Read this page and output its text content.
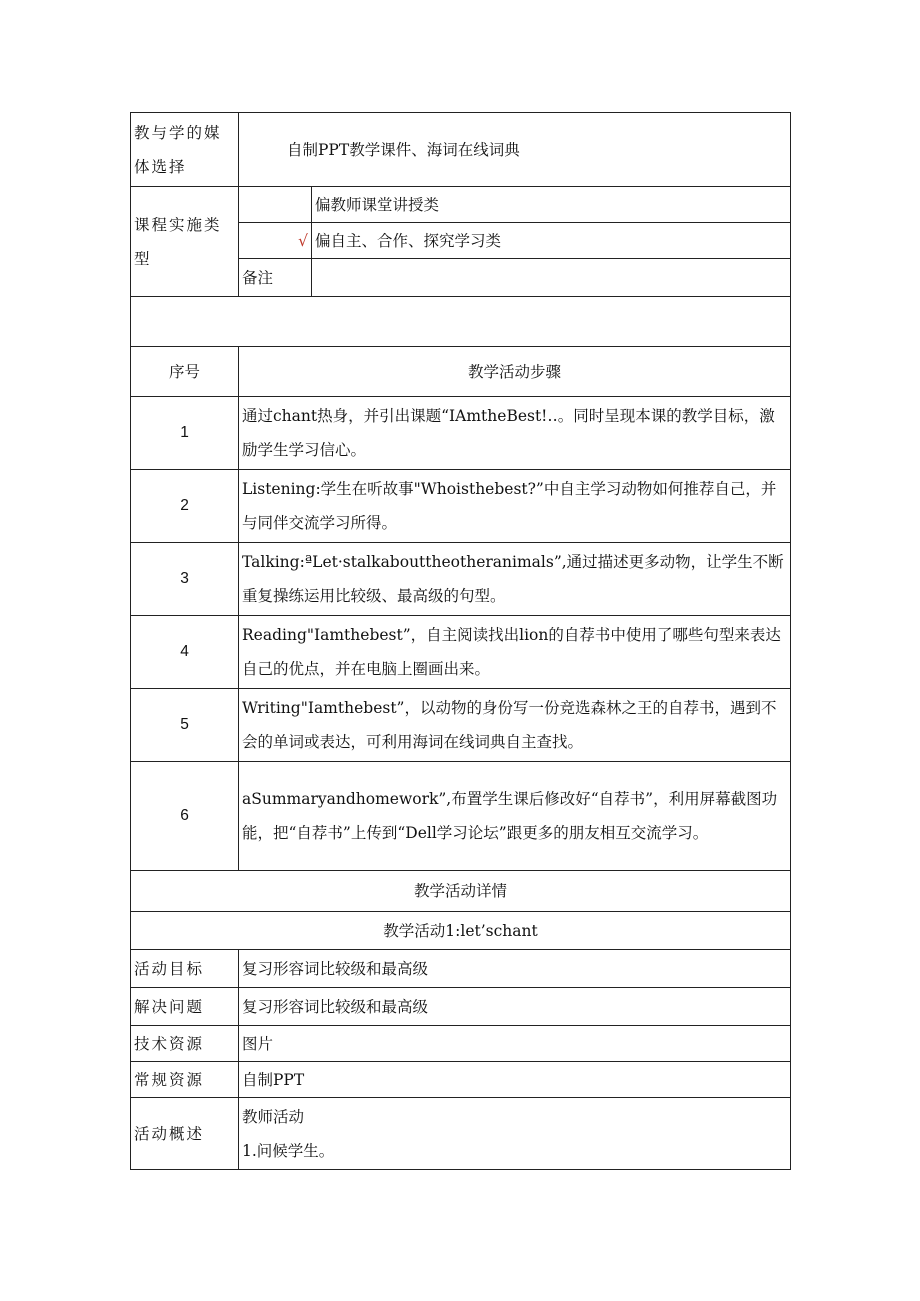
教与学的媒体选择	自制PPT教学课件、海词在线词典	
课程实施类型		偏教师课堂讲授类
	√	偏自主、合作、探究学习类
	备注	

序号	教学活动步骤	
1	通过chant热身，并引出课题“IAmtheBest!‥。同时呈现本课的教学目标，激励学生学习信心。	
2	Listening:学生在听故事"Whoisthebest?”中自主学习动物如何推荐自己，并与同伴交流学习所得。	
3	Talking:ªLet·stalkabouttheotheranimals”,通过描述更多动物，让学生不断重复操练运用比较级、最高级的句型。	
4	Reading"Iamthebest”，自主阅读找出lion的自荐书中使用了哪些句型来表达自己的优点，并在电脑上圈画出来。	
5	Writing"Iamthebest”，以动物的身份写一份竞选森林之王的自荐书，遇到不会的单词或表达，可利用海词在线词典自主查找。	
6	aSummaryandhomework”,布置学生课后修改好“自荐书”，利用屏幕截图功能，把“自荐书”上传到“Dell学习论坛”跟更多的朋友相互交流学习。	
教学活动详情		
教学活动1:let’schant		
活动目标	复习形容词比较级和最高级	
解决问题	复习形容词比较级和最高级	
技术资源	图片	
常规资源	自制PPT	
活动概述	教师活动
1.问候学生。	
